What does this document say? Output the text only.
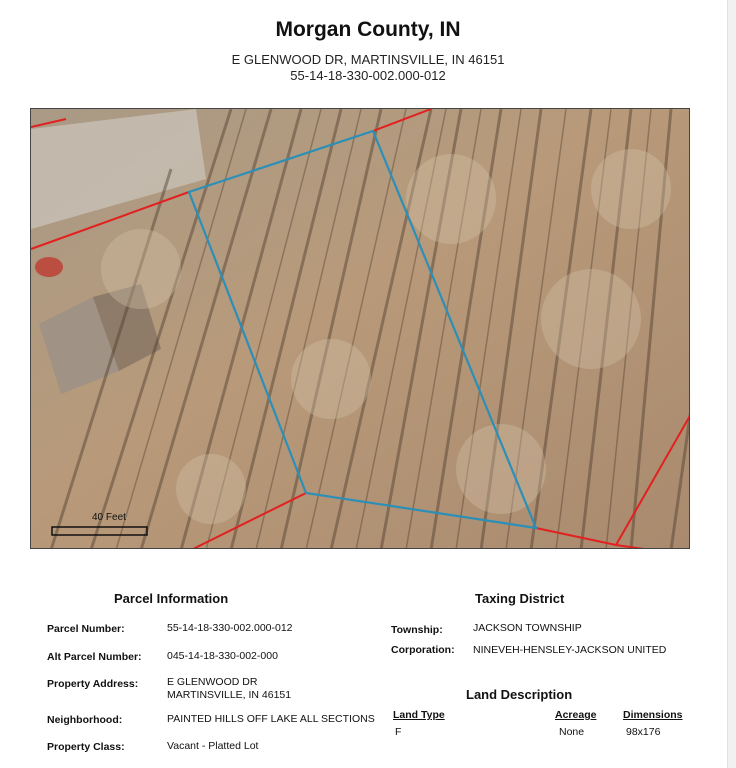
Morgan County, IN
E GLENWOOD DR, MARTINSVILLE, IN 46151
55-14-18-330-002.000-012
40 Feet
Parcel Information
Parcel Number:	55-14-18-330-002.000-012
Alt Parcel Number: 045-14-18-330-002-000
Property Address:	E GLENWOOD DR
MARTINSVILLE, IN 46151
Neighborhood:	PAINTED HILLS OFF LAKE ALL SECTIONS
Property Class:	Vacant - Platted Lot
Taxing District
Township:	JACKSON TOWNSHIP
Corporation: NINEVEH-HENSLEY-JACKSON UNITED
Land Description
Land Type	Acreage	Dimensions
F	None	98x176
